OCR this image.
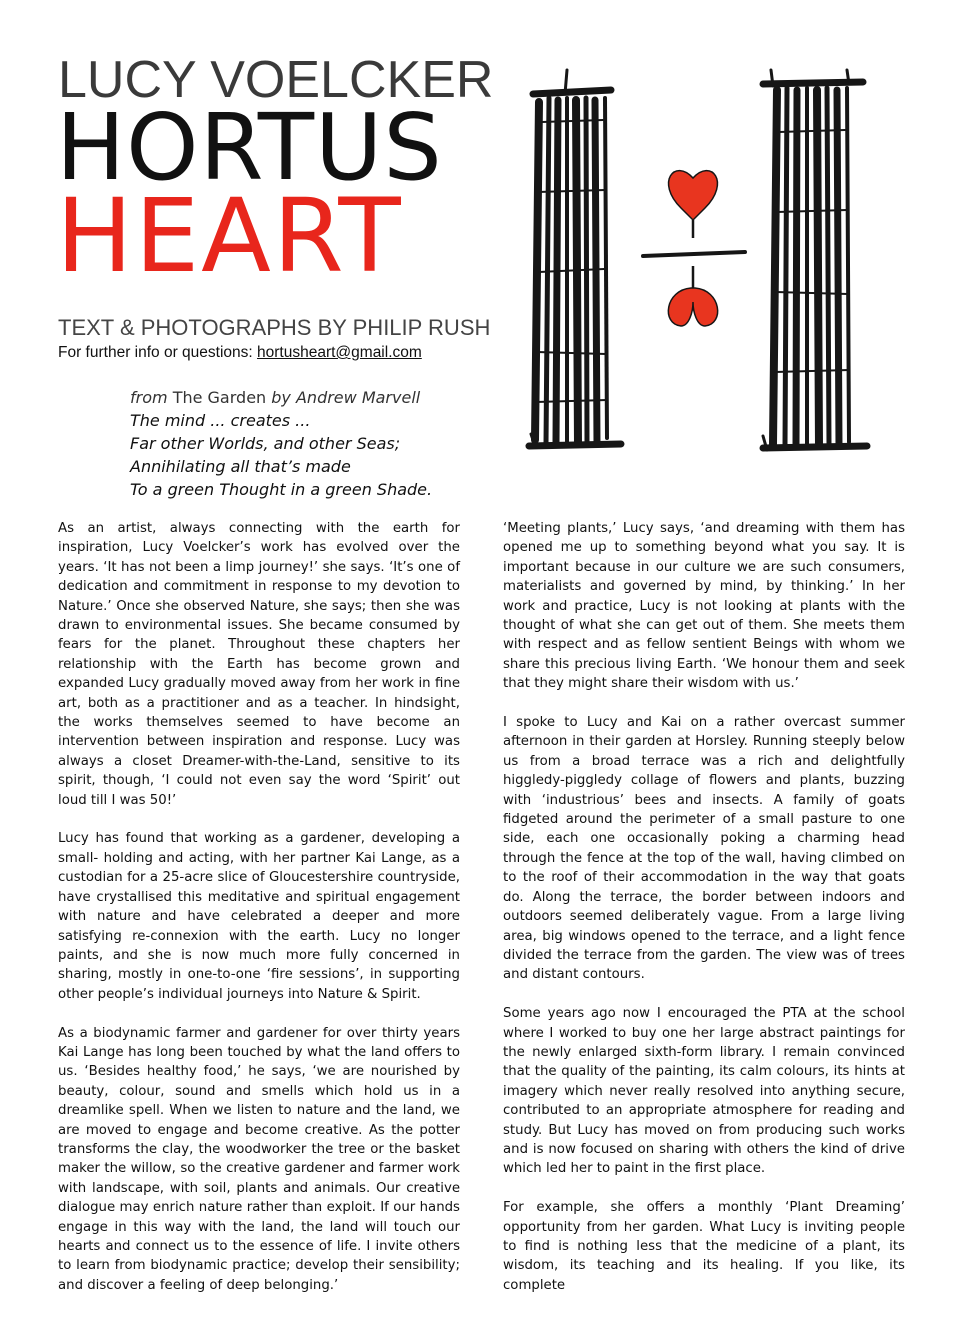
LUCY VOELCKER
HORTUS
HEART
TEXT & PHOTOGRAPHS BY PHILIP RUSH
For further info or questions: hortusheart@gmail.com
from The Garden by Andrew Marvell
The mind ... creates ...
Far other Worlds, and other Seas;
Annihilating all that’s made
To a green Thought in a green Shade.

As an artist, always connecting with the earth for inspiration, Lucy Voelcker’s work has evolved over the years. ‘It has not been a limp journey!’ she says. ‘It’s one of dedication and commitment in response to my devotion to Nature.’ Once she observed Nature, she says; then she was drawn to environmental issues. She became consumed by fears for the planet. Throughout these chapters her relationship with the Earth has become grown and expanded Lucy gradually moved away from her work in fine art, both as a practitioner and as a teacher. In hindsight, the works themselves seemed to have become an intervention between inspiration and response. Lucy was always a closet Dreamer-with-the-Land, sensitive to its spirit, though, ‘I could not even say the word ‘Spirit’ out loud till I was 50!’

Lucy has found that working as a gardener, developing a small- holding and acting, with her partner Kai Lange, as a custodian for a 25-acre slice of Gloucestershire countryside, have crystallised this meditative and spiritual engagement with nature and have celebrated a deeper and more satisfying re-connexion with the earth. Lucy no longer paints, and she is now much more fully concerned in sharing, mostly in one-to-one ‘fire sessions’, in supporting other people’s individual journeys into Nature & Spirit.

As a biodynamic farmer and gardener for over thirty years Kai Lange has long been touched by what the land offers to us. ‘Besides healthy food,’ he says, ‘we are nourished by beauty, colour, sound and smells which hold us in a dreamlike spell. When we listen to nature and the land, we are moved to engage and become creative. As the potter transforms the clay, the woodworker the tree or the basket maker the willow, so the creative gardener and farmer work with landscape, with soil, plants and animals. Our creative dialogue may enrich nature rather than exploit. If our hands engage in this way with the land, the land will touch our hearts and connect us to the essence of life. I invite others to learn from biodynamic practice; develop their sensibility; and discover a feeling of deep belonging.’

‘Meeting plants,’ Lucy says, ‘and dreaming with them has opened me up to something beyond what you say. It is important because in our culture we are such consumers, materialists and governed by mind, by thinking.’ In her work and practice, Lucy is not looking at plants with the thought of what she can get out of them. She meets them with respect and as fellow sentient Beings with whom we share this precious living Earth. ‘We honour them and seek that they might share their wisdom with us.’

I spoke to Lucy and Kai on a rather overcast summer afternoon in their garden at Horsley. Running steeply below us from a broad terrace was a rich and delightfully higgledy-piggledy collage of flowers and plants, buzzing with ‘industrious’ bees and insects. A family of goats fidgeted around the perimeter of a small pasture to one side, each one occasionally poking a charming head through the fence at the top of the wall, having climbed on to the roof of their accommodation in the way that goats do. Along the terrace, the border between indoors and outdoors seemed deliberately vague. From a large living area, big windows opened to the terrace, and a light fence divided the terrace from the garden. The view was of trees and distant contours.

Some years ago now I encouraged the PTA at the school where I worked to buy one her large abstract paintings for the newly enlarged sixth-form library. I remain convinced that the quality of the painting, its calm colours, its hints at imagery which never really resolved into anything secure, contributed to an appropriate atmosphere for reading and study. But Lucy has moved on from producing such works and is now focused on sharing with others the kind of drive which led her to paint in the first place.

For example, she offers a monthly ‘Plant Dreaming’ opportunity from her garden. What Lucy is inviting people to find is nothing less that the medicine of a plant, its wisdom, its teaching and its healing. If you like, its complete
